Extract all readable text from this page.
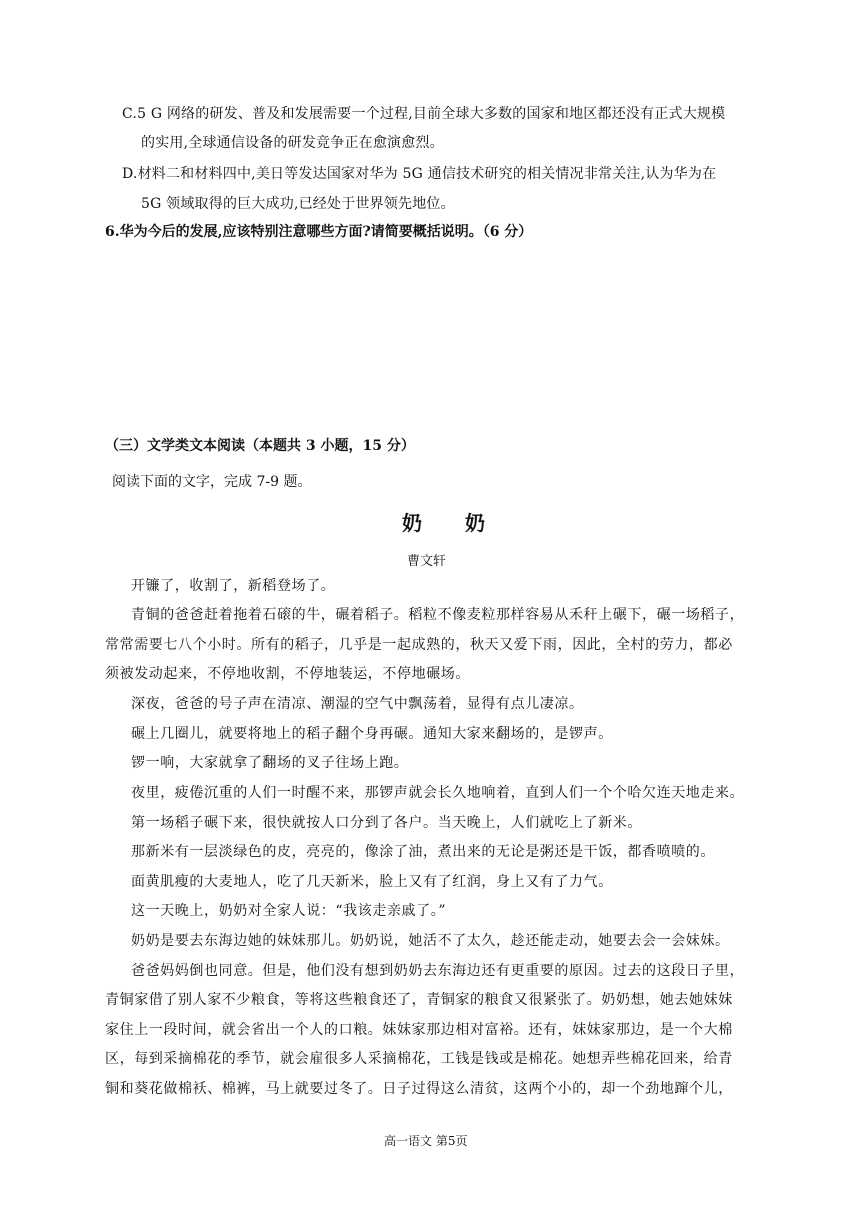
C.5 G 网络的研发、普及和发展需要一个过程,目前全球大多数的国家和地区都还没有正式大规模
的实用,全球通信设备的研发竞争正在愈演愈烈。
D.材料二和材料四中,美日等发达国家对华为 5G 通信技术研究的相关情况非常关注,认为华为在
5G 领域取得的巨大成功,已经处于世界领先地位。
6.华为今后的发展,应该特别注意哪些方面?请简要概括说明。（6 分）
（三）文学类文本阅读（本题共 3 小题，15 分）
阅读下面的文字，完成 7-9 题。
奶 奶
曹文轩
开镰了，收割了，新稻登场了。
青铜的爸爸赶着拖着石磙的牛，碾着稻子。稻粒不像麦粒那样容易从禾秆上碾下，碾一场稻子，
常常需要七八个小时。所有的稻子，几乎是一起成熟的，秋天又爱下雨，因此，全村的劳力，都必
须被发动起来，不停地收割，不停地装运，不停地碾场。
深夜，爸爸的号子声在清凉、潮湿的空气中飘荡着，显得有点儿凄凉。
碾上几圈儿，就要将地上的稻子翻个身再碾。通知大家来翻场的，是锣声。
锣一响，大家就拿了翻场的叉子往场上跑。
夜里，疲倦沉重的人们一时醒不来，那锣声就会长久地响着，直到人们一个个哈欠连天地走来。
第一场稻子碾下来，很快就按人口分到了各户。当天晚上，人们就吃上了新米。
那新米有一层淡绿色的皮，亮亮的，像涂了油，煮出来的无论是粥还是干饭，都香喷喷的。
面黄肌瘦的大麦地人，吃了几天新米，脸上又有了红润，身上又有了力气。
这一天晚上，奶奶对全家人说：“我该走亲戚了。”
奶奶是要去东海边她的妹妹那儿。奶奶说，她活不了太久，趁还能走动，她要去会一会妹妹。
爸爸妈妈倒也同意。但是，他们没有想到奶奶去东海边还有更重要的原因。过去的这段日子里，
青铜家借了别人家不少粮食，等将这些粮食还了，青铜家的粮食又很紧张了。奶奶想，她去她妹妹
家住上一段时间，就会省出一个人的口粮。妹妹家那边相对富裕。还有，妹妹家那边，是一个大棉
区，每到采摘棉花的季节，就会雇很多人采摘棉花，工钱是钱或是棉花。她想弄些棉花回来，给青
铜和葵花做棉袄、棉裤，马上就要过冬了。日子过得这么清贫，这两个小的，却一个劲地蹿个儿，
高一语文 第5页
